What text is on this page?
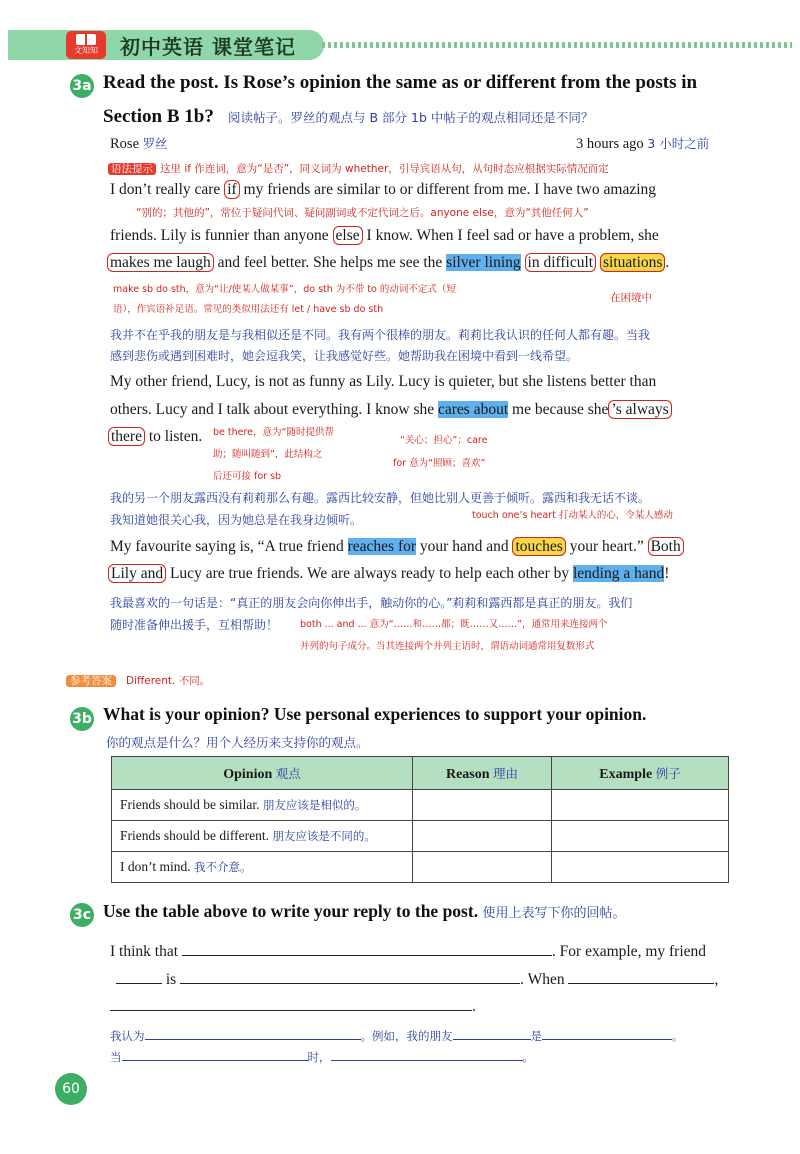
文知知	初中英语 课堂笔记
3a Read the post. Is Rose’s opinion the same as or different from the posts in
Section B 1b? 阅读帖子。罗丝的观点与 B 部分 1b 中帖子的观点相同还是不同？
Rose 罗丝	3 hours ago 3 小时之前
语法提示 这里 if 作连词，意为“是否”，同义词为 whether，引导宾语从句，从句时态应根据实际情况而定
I don’t really care if my friends are similar to or different from me. I have two amazing
“别的；其他的”，常位于疑问代词、疑问副词或不定代词之后。anyone else，意为“其他任何人”
friends. Lily is funnier than anyone else I know. When I feel sad or have a problem, she
makes me laugh and feel better. She helps me see the silver lining in difficult situations .
make sb do sth，意为“让/使某人做某事”，do sth 为不带 to 的动词不定式（短
语），作宾语补足语。常见的类似用法还有 let / have sb do sth
在困境中
我并不在乎我的朋友是与我相似还是不同。我有两个很棒的朋友。莉莉比我认识的任何人都有趣。当我
感到悲伤或遇到困难时，她会逗我笑，让我感觉好些。她帮助我在困境中看到一线希望。
My other friend, Lucy, is not as funny as Lily. Lucy is quieter, but she listens better than
others. Lucy and I talk about everything. I know she cares about me because she ’s always
there to listen. be there，意为“随时提供帮
助；随叫随到”，此结构之
后还可接 for sb
“关心；担心”；care
for 意为“照顾；喜欢”
我的另一个朋友露西没有莉莉那么有趣。露西比较安静，但她比别人更善于倾听。露西和我无话不谈。
我知道她很关心我，因为她总是在我身边倾听。	touch one’s heart 打动某人的心，令某人感动
My favourite saying is, “A true friend reaches for your hand and touches your heart.” Both
Lily and Lucy are true friends. We are always ready to help each other by lending a hand!
我最喜欢的一句话是：“真正的朋友会向你伸出手，触动你的心。”莉莉和露西都是真正的朋友。我们
随时准备伸出援手，互相帮助！ both ... and ... 意为“……和……都；既……又……”，通常用来连接两个
并列的句子成分。当其连接两个并列主语时，谓语动词通常用复数形式
参考答案 Different. 不同。
3b What is your opinion? Use personal experiences to support your opinion.
你的观点是什么？用个人经历来支持你的观点。
Opinion 观点	Reason 理由	Example 例子
Friends should be similar. 朋友应该是相似的。		
Friends should be different. 朋友应该是不同的。		
I don’t mind. 我不介意。		
3c Use the table above to write your reply to the post. 使用上表写下你的回帖。
I think that	. For example, my friend
is	. When	,
.
我认为	。例如，我的朋友	是	。
当	时，	。
60
